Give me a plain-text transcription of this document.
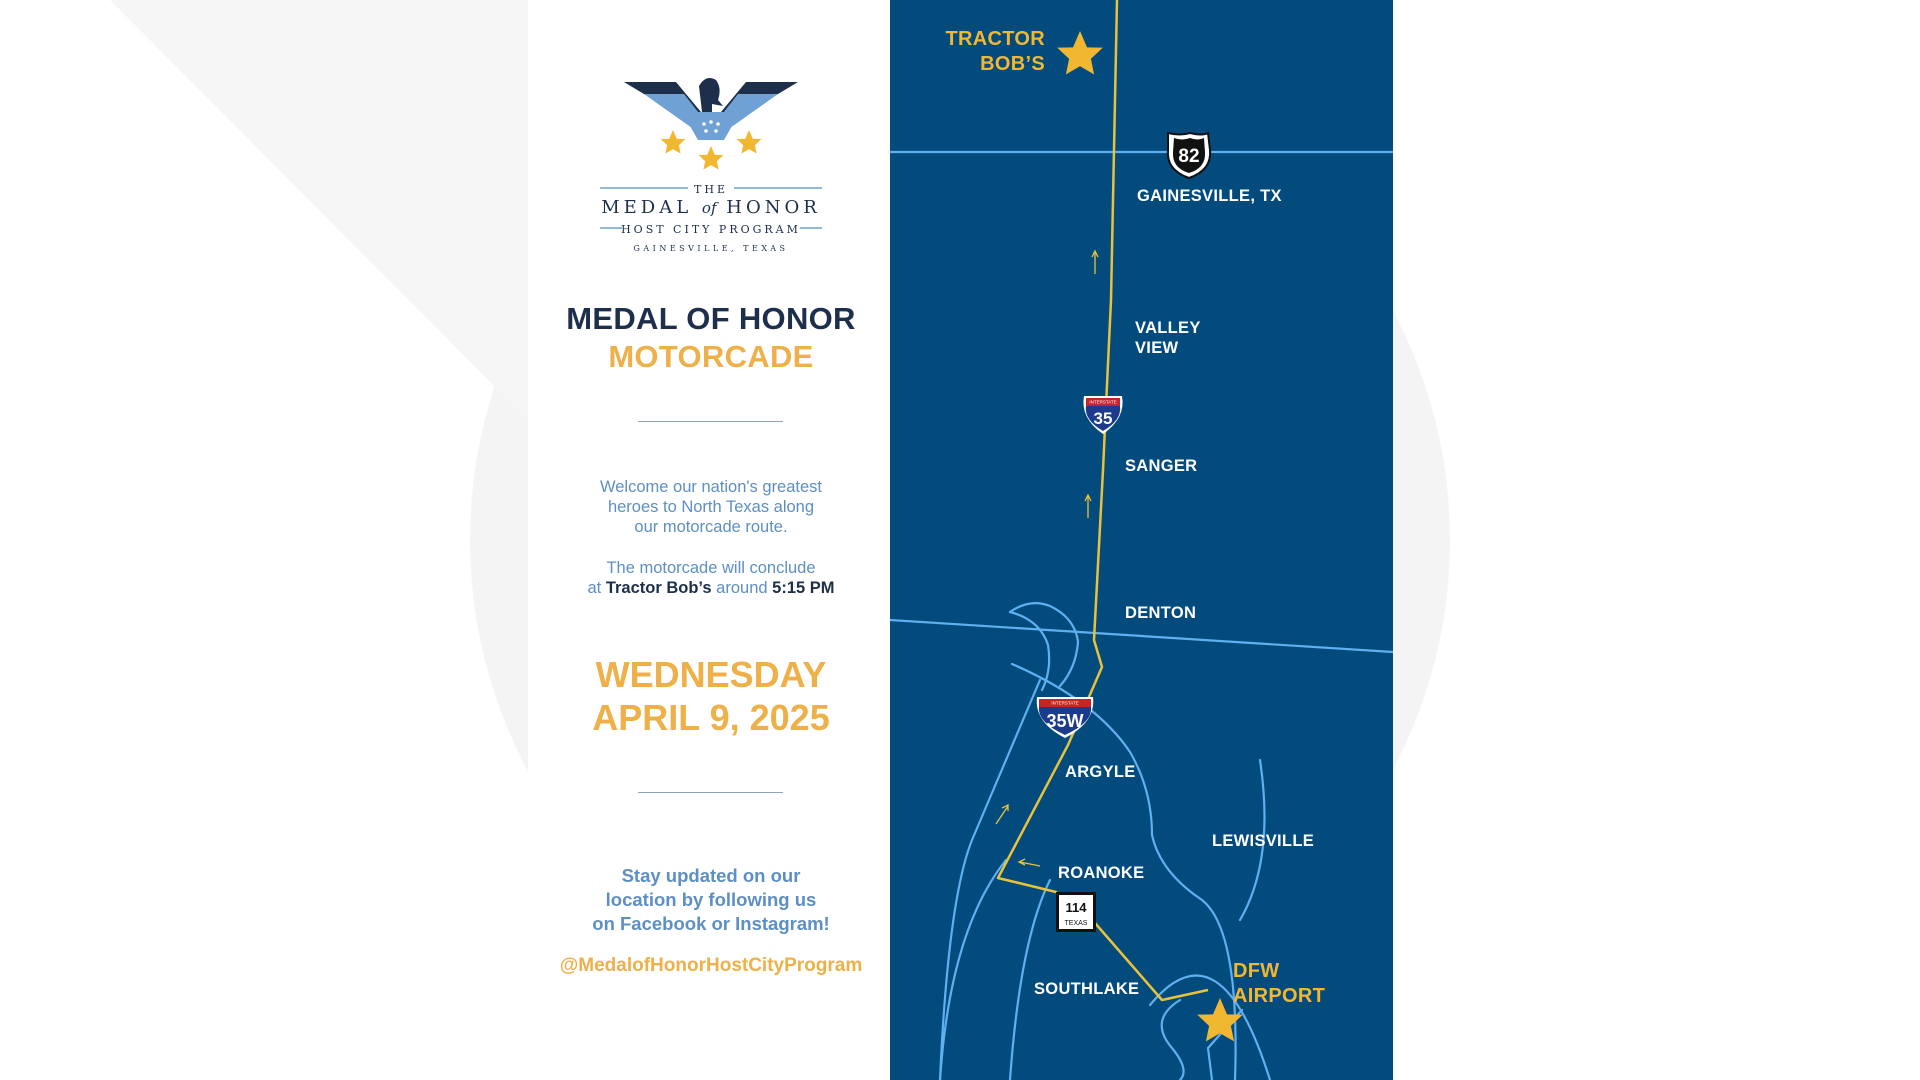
THE
MEDAL of HONOR
HOST CITY PROGRAM
GAINESVILLE, TEXAS
MEDAL OF HONOR
MOTORCADE
Welcome our nation's greatest
heroes to North Texas along
our motorcade route.
The motorcade will conclude
at Tractor Bob’s around 5:15 PM
WEDNESDAY
APRIL 9, 2025
Stay updated on our
location by following us
on Facebook or Instagram!
@MedalofHonorHostCityProgram
82
INTERSTATE
35
INTERSTATE
35W
114
TEXAS
TRACTOR
BOB’S
GAINESVILLE, TX
VALLEY
VIEW
SANGER
DENTON
ARGYLE
LEWISVILLE
ROANOKE
SOUTHLAKE
DFW
AIRPORT
